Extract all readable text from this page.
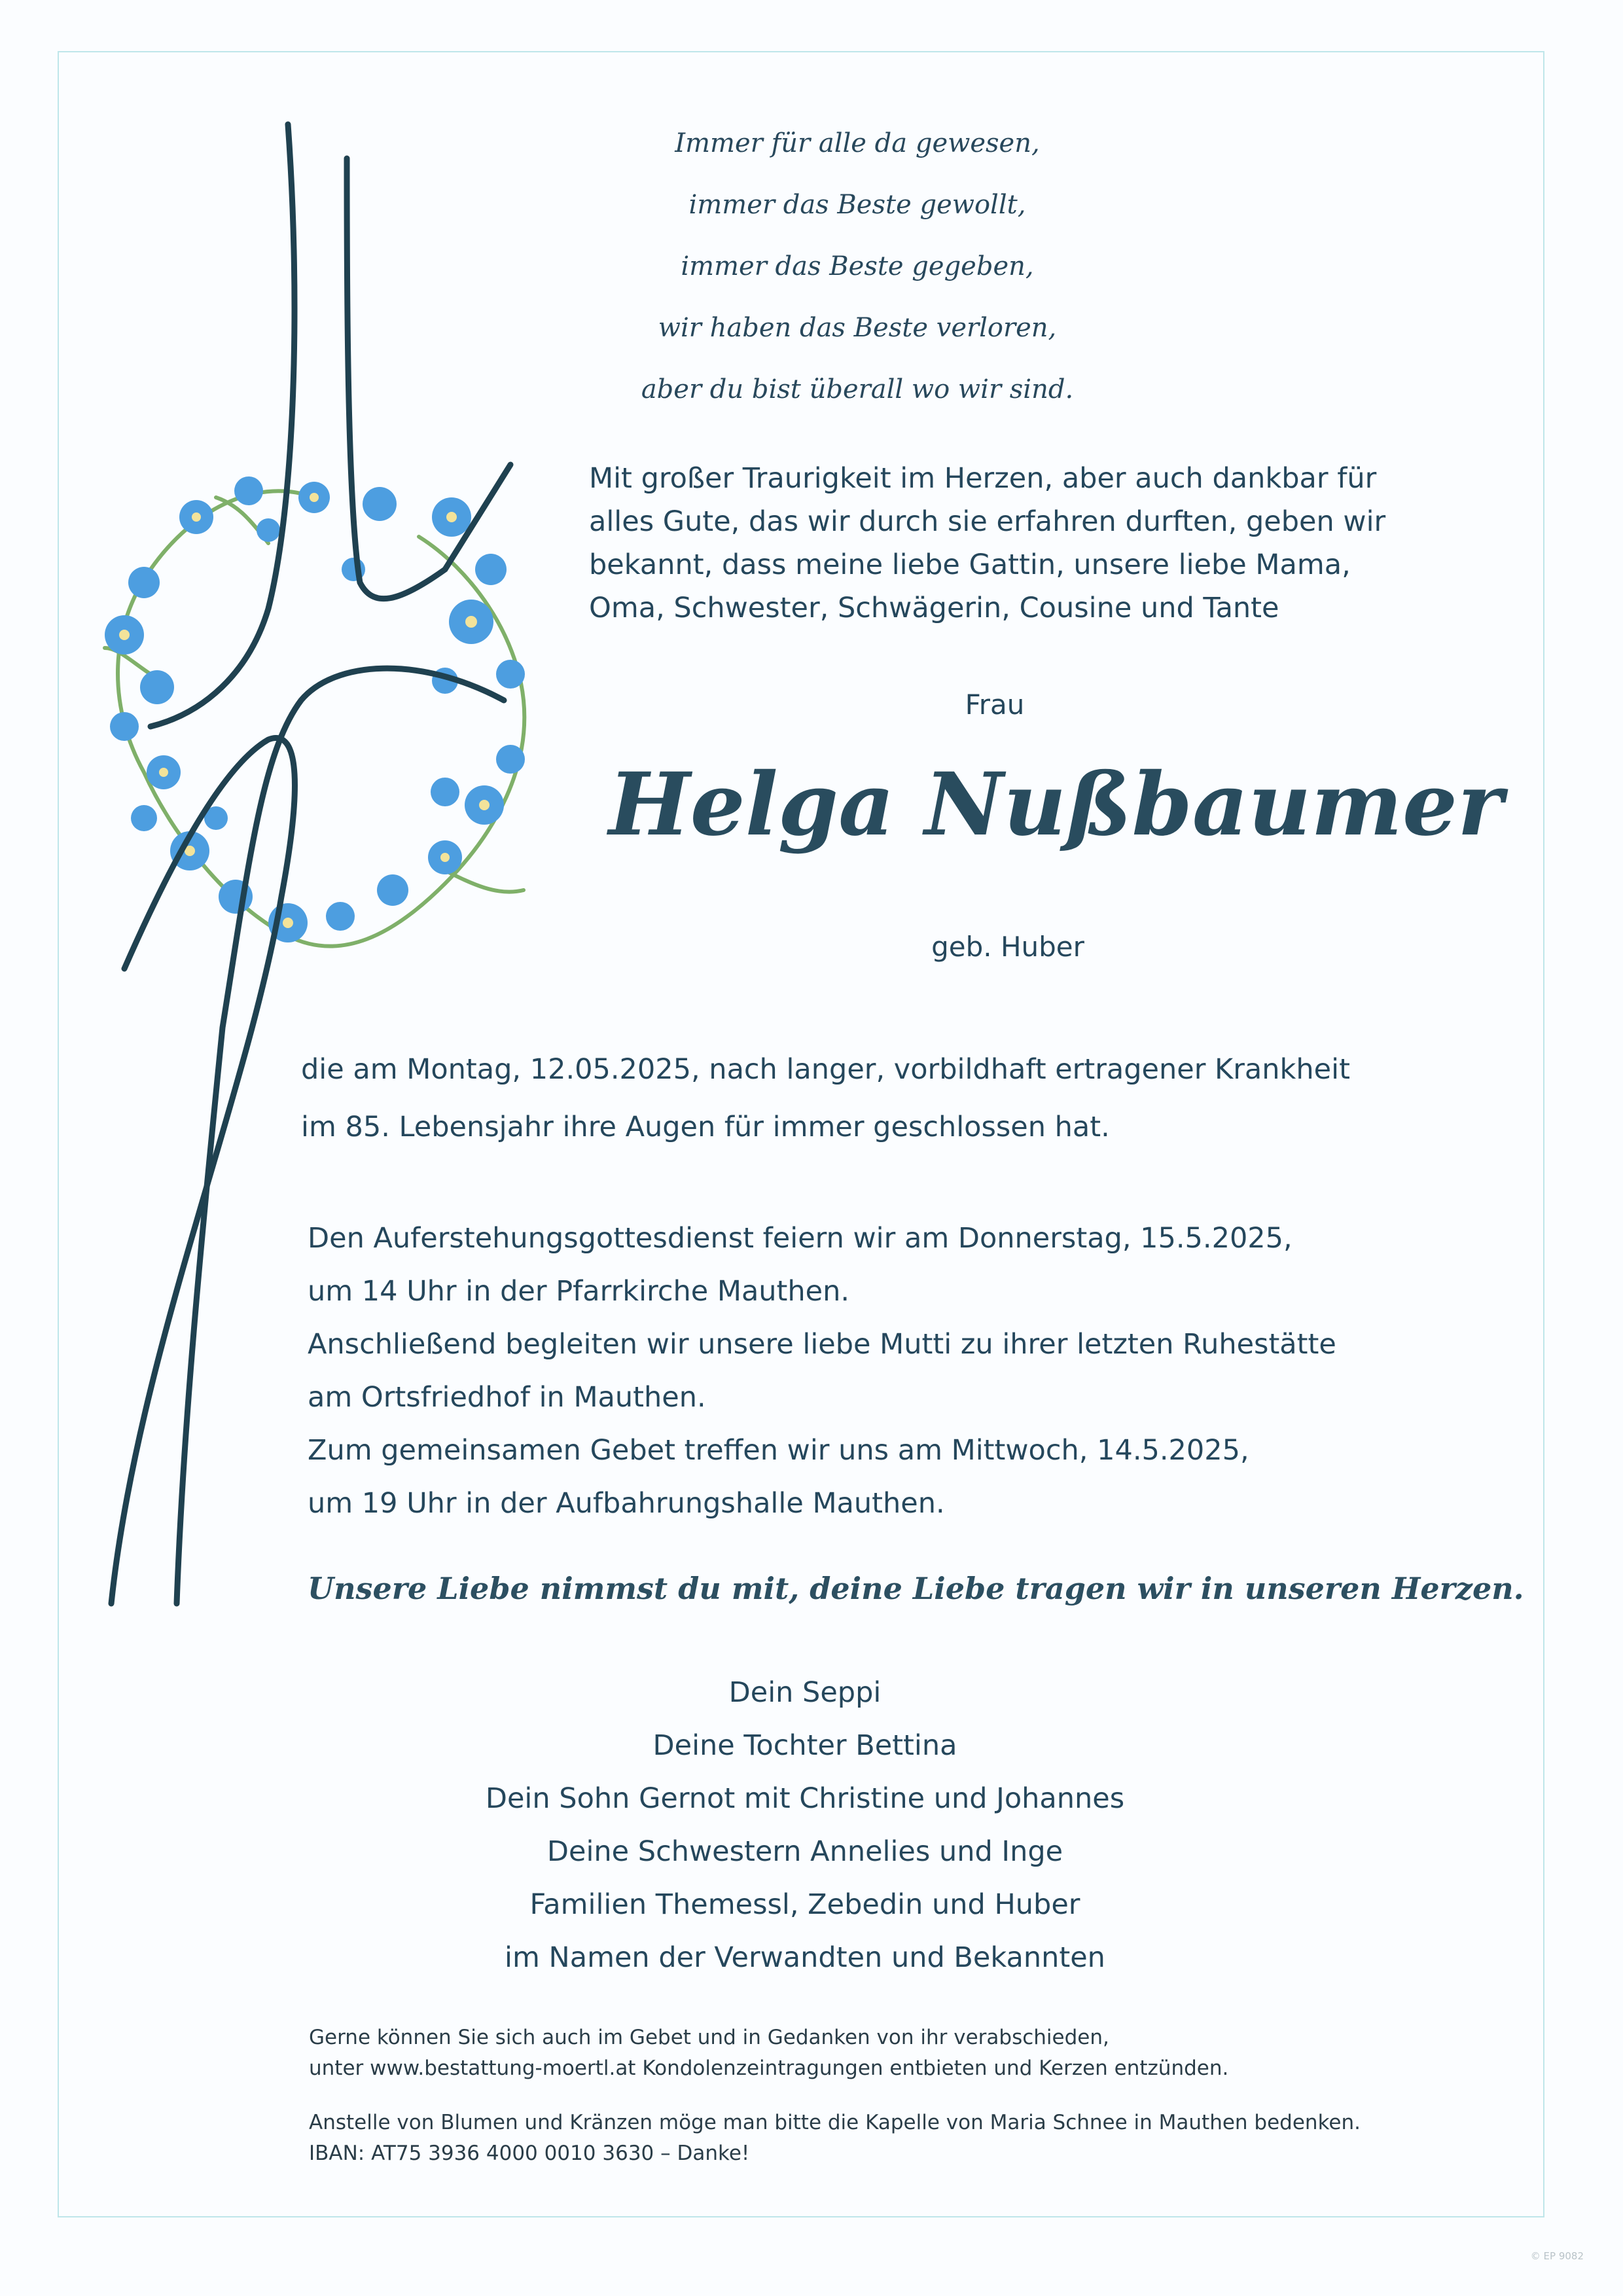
Immer für alle da gewesen,
immer das Beste gewollt,
immer das Beste gegeben,
wir haben das Beste verloren,
aber du bist überall wo wir sind.
Mit großer Traurigkeit im Herzen, aber auch dankbar für
alles Gute, das wir durch sie erfahren durften, geben wir
bekannt, dass meine liebe Gattin, unsere liebe Mama,
Oma, Schwester, Schwägerin, Cousine und Tante
Frau
Helga Nußbaumer
geb. Huber
die am Montag, 12.05.2025, nach langer, vorbildhaft ertragener Krankheit
im 85. Lebensjahr ihre Augen für immer geschlossen hat.
Den Auferstehungsgottesdienst feiern wir am Donnerstag, 15.5.2025,
um 14 Uhr in der Pfarrkirche Mauthen.
Anschließend begleiten wir unsere liebe Mutti zu ihrer letzten Ruhestätte
am Ortsfriedhof in Mauthen.
Zum gemeinsamen Gebet treffen wir uns am Mittwoch, 14.5.2025,
um 19 Uhr in der Aufbahrungshalle Mauthen.
Unsere Liebe nimmst du mit, deine Liebe tragen wir in unseren Herzen.
Dein Seppi
Deine Tochter Bettina
Dein Sohn Gernot mit Christine und Johannes
Deine Schwestern Annelies und Inge
Familien Themessl, Zebedin und Huber
im Namen der Verwandten und Bekannten
Gerne können Sie sich auch im Gebet und in Gedanken von ihr verabschieden,
unter www.bestattung-moertl.at Kondolenzeintragungen entbieten und Kerzen entzünden.
Anstelle von Blumen und Kränzen möge man bitte die Kapelle von Maria Schnee in Mauthen bedenken.
IBAN: AT75 3936 4000 0010 3630 – Danke!
© EP 9082
